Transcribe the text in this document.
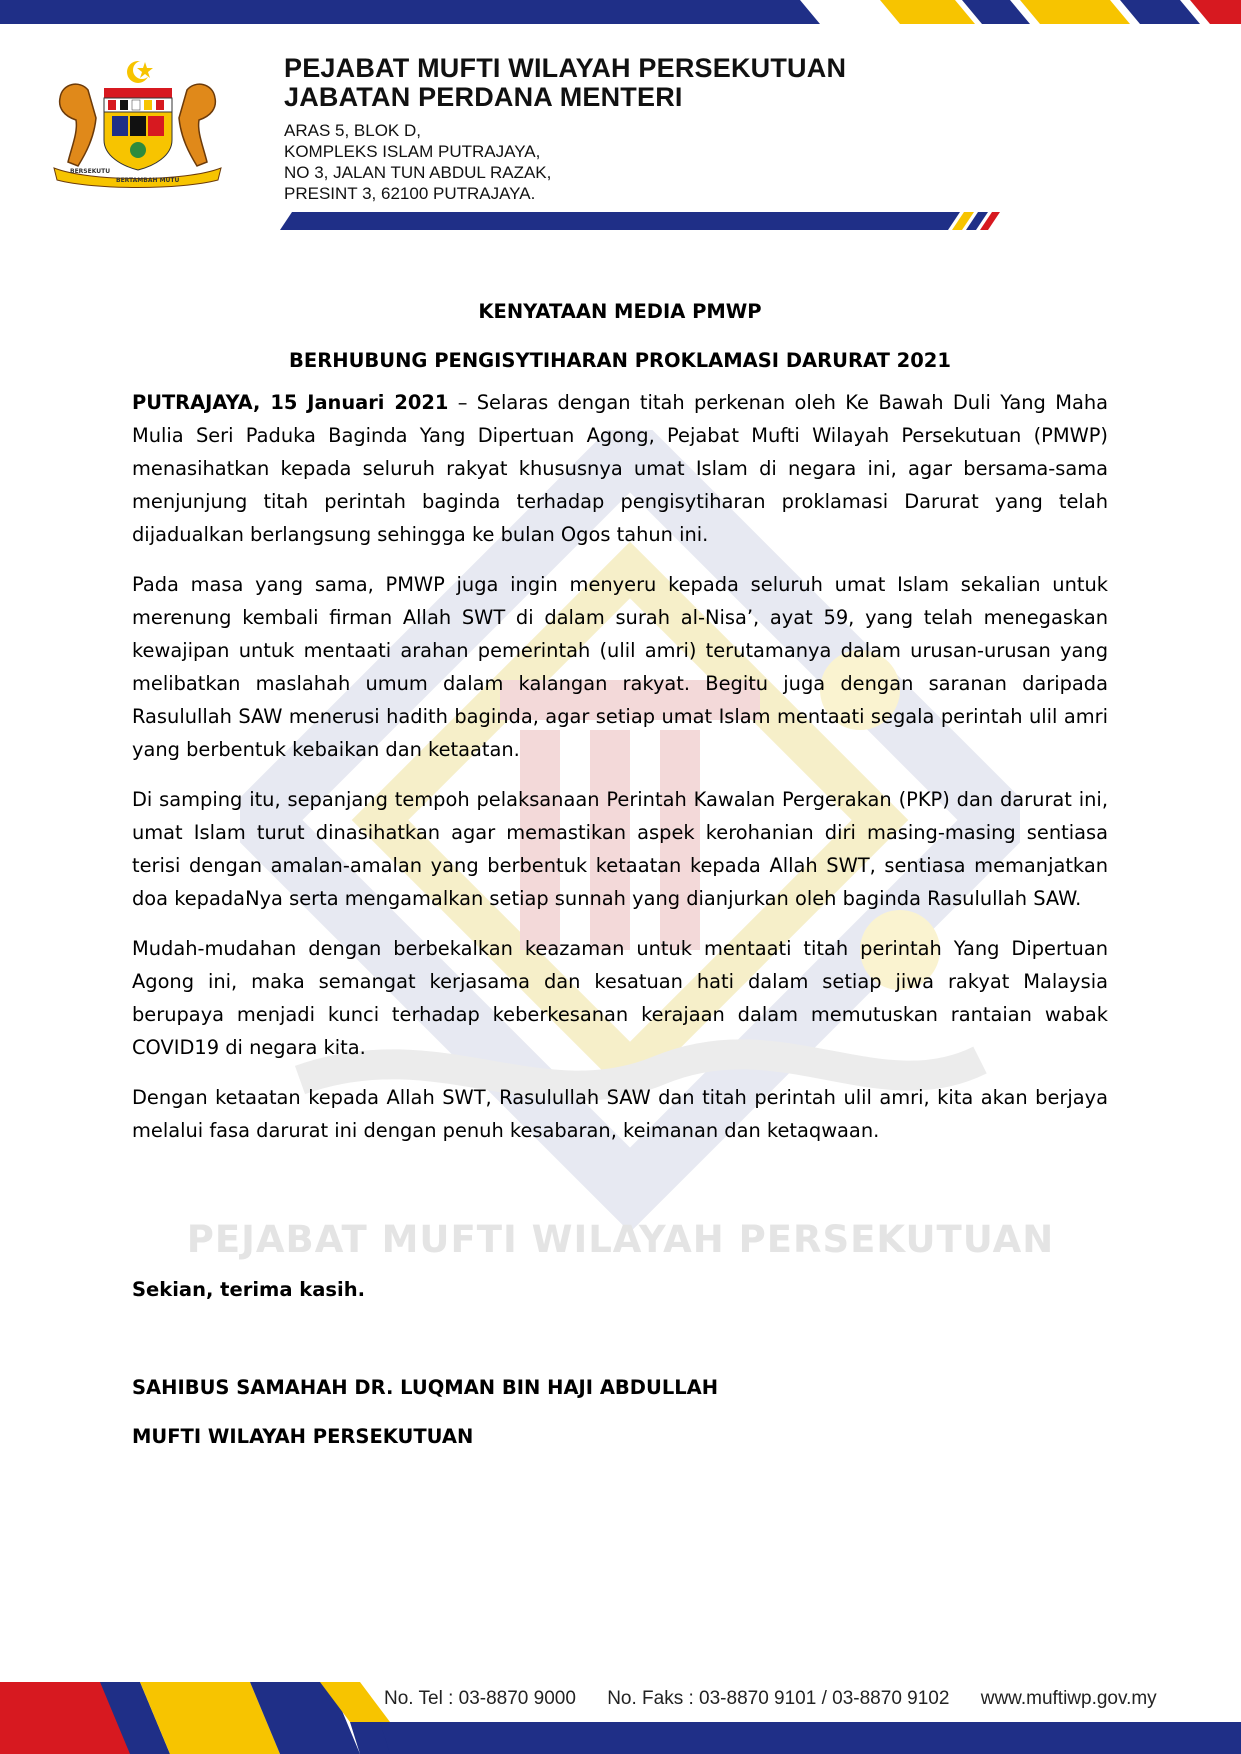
BERSEKUTU
BERTAMBAH MUTU
PEJABAT MUFTI WILAYAH PERSEKUTUAN
JABATAN PERDANA MENTERI
ARAS 5, BLOK D,
KOMPLEKS ISLAM PUTRAJAYA,
NO 3, JALAN TUN ABDUL RAZAK,
PRESINT 3, 62100 PUTRAJAYA.
PEJABAT MUFTI WILAYAH PERSEKUTUAN
KENYATAAN MEDIA PMWP
BERHUBUNG PENGISYTIHARAN PROKLAMASI DARURAT 2021

PUTRAJAYA, 15 Januari 2021 – Selaras dengan titah perkenan oleh Ke Bawah Duli Yang Maha Mulia Seri Paduka Baginda Yang Dipertuan Agong, Pejabat Mufti Wilayah Persekutuan (PMWP) menasihatkan kepada seluruh rakyat khususnya umat Islam di negara ini, agar bersama-sama menjunjung titah perintah baginda terhadap pengisytiharan proklamasi Darurat yang telah dijadualkan berlangsung sehingga ke bulan Ogos tahun ini.

Pada masa yang sama, PMWP juga ingin menyeru kepada seluruh umat Islam sekalian untuk merenung kembali firman Allah SWT di dalam surah al-Nisa’, ayat 59, yang telah menegaskan kewajipan untuk mentaati arahan pemerintah (ulil amri) terutamanya dalam urusan-urusan yang melibatkan maslahah umum dalam kalangan rakyat. Begitu juga dengan saranan daripada Rasulullah SAW menerusi hadith baginda, agar setiap umat Islam mentaati segala perintah ulil amri yang berbentuk kebaikan dan ketaatan.

Di samping itu, sepanjang tempoh pelaksanaan Perintah Kawalan Pergerakan (PKP) dan darurat ini, umat Islam turut dinasihatkan agar memastikan aspek kerohanian diri masing-masing sentiasa terisi dengan amalan-amalan yang berbentuk ketaatan kepada Allah SWT, sentiasa memanjatkan doa kepadaNya serta mengamalkan setiap sunnah yang dianjurkan oleh baginda Rasulullah SAW.

Mudah-mudahan dengan berbekalkan keazaman untuk mentaati titah perintah Yang Dipertuan Agong ini, maka semangat kerjasama dan kesatuan hati dalam setiap jiwa rakyat Malaysia berupaya menjadi kunci terhadap keberkesanan kerajaan dalam memutuskan rantaian wabak COVID19 di negara kita.

Dengan ketaatan kepada Allah SWT, Rasulullah SAW dan titah perintah ulil amri, kita akan berjaya melalui fasa darurat ini dengan penuh kesabaran, keimanan dan ketaqwaan.

Sekian, terima kasih.
SAHIBUS SAMAHAH DR. LUQMAN BIN HAJI ABDULLAH
MUFTI WILAYAH PERSEKUTUAN
No. Tel : 03-8870 9000 No. Faks : 03-8870 9101 / 03-8870 9102 www.muftiwp.gov.my
